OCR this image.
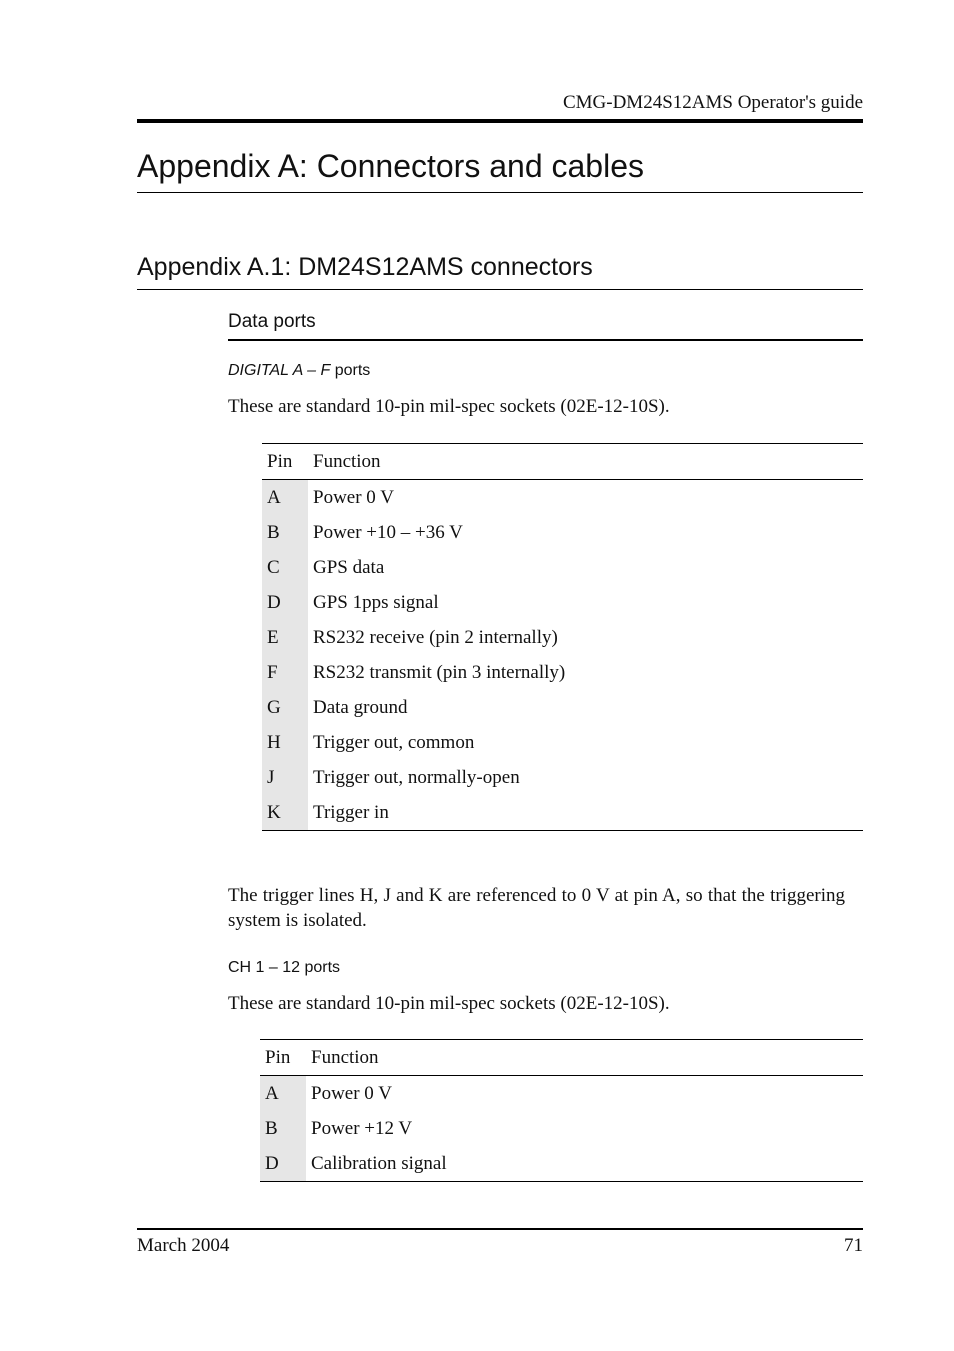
CMG-DM24S12AMS Operator's guide
Appendix A: Connectors and cables
Appendix A.1: DM24S12AMS connectors
Data ports
DIGITAL A – F ports
These are standard 10-pin mil-spec sockets (02E-12-10S).
Pin	Function
A	Power 0 V
B	Power +10 – +36 V
C	GPS data
D	GPS 1pps signal
E	RS232 receive (pin 2 internally)
F	RS232 transmit (pin 3 internally)
G	Data ground
H	Trigger out, common
J	Trigger out, normally-open
K	Trigger in
The trigger lines H, J and K are referenced to 0 V at pin A, so that the triggering system is isolated.
CH 1 – 12 ports
These are standard 10-pin mil-spec sockets (02E-12-10S).
Pin	Function
A	Power 0 V
B	Power +12 V
D	Calibration signal
March 2004	71
